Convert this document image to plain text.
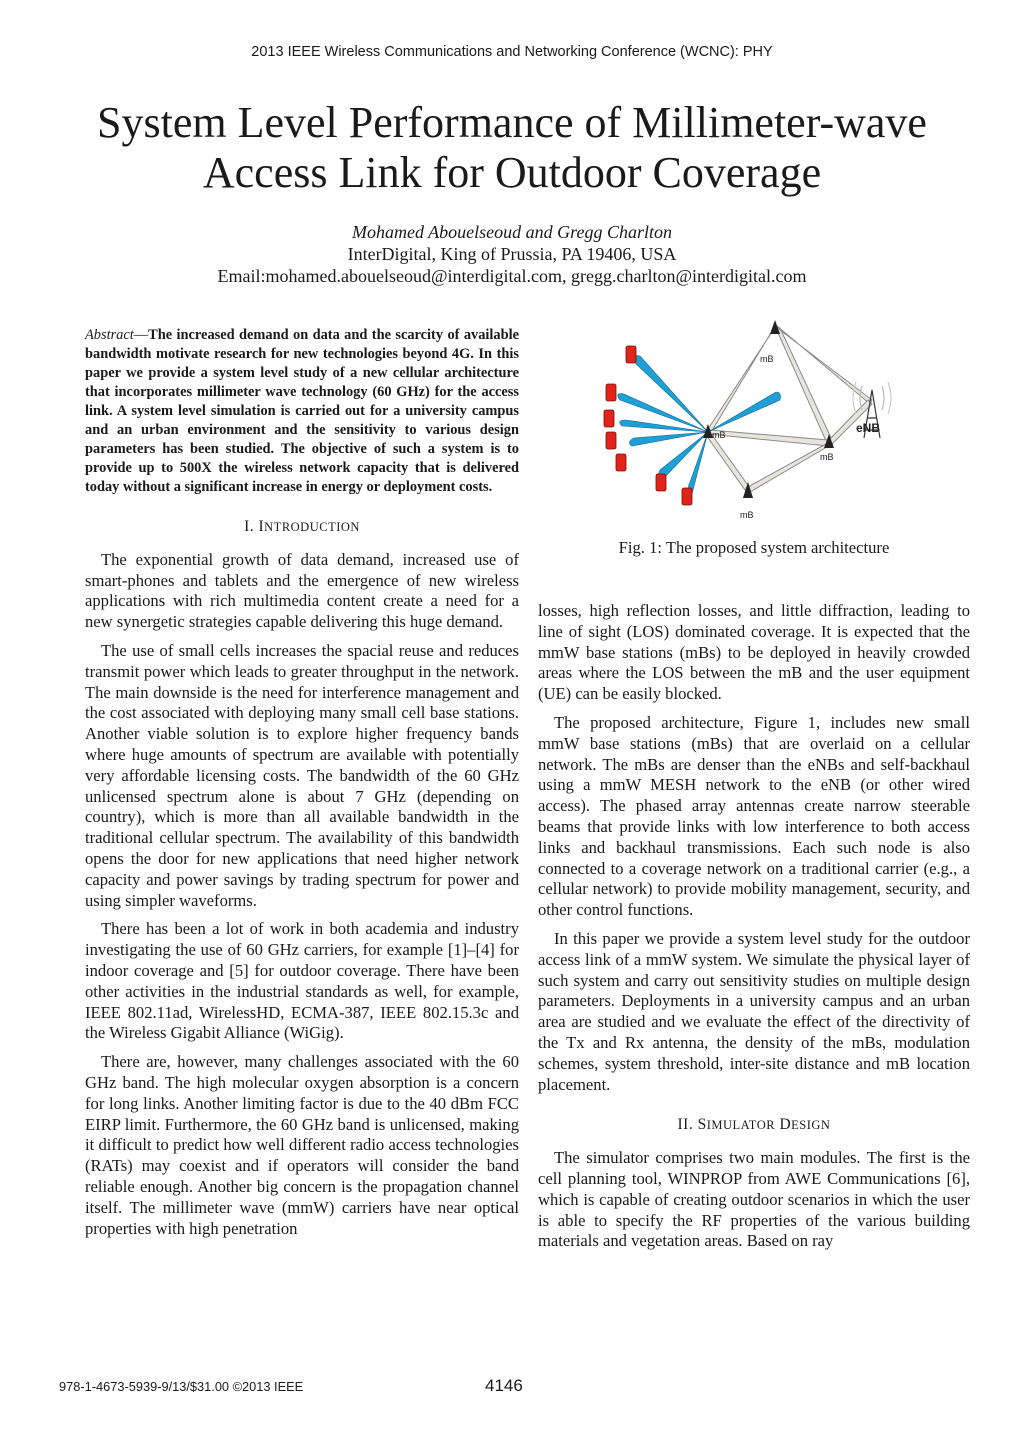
2013 IEEE Wireless Communications and Networking Conference (WCNC): PHY
System Level Performance of Millimeter-wave
Access Link for Outdoor Coverage
Mohamed Abouelseoud and Gregg Charlton
InterDigital, King of Prussia, PA 19406, USA
Email:mohamed.abouelseoud@interdigital.com, gregg.charlton@interdigital.com

Abstract—The increased demand on data and the scarcity of available bandwidth motivate research for new technologies beyond 4G. In this paper we provide a system level study of a new cellular architecture that incorporates millimeter wave technology (60 GHz) for the access link. A system level simulation is carried out for a university campus and an urban environment and the sensitivity to various design parameters has been studied. The objective of such a system is to provide up to 500X the wireless network capacity that is delivered today without a significant increase in energy or deployment costs.

I. INTRODUCTION

The exponential growth of data demand, increased use of smart-phones and tablets and the emergence of new wireless applications with rich multimedia content create a need for a new synergetic strategies capable delivering this huge demand.

The use of small cells increases the spacial reuse and reduces transmit power which leads to greater throughput in the network. The main downside is the need for interference management and the cost associated with deploying many small cell base stations. Another viable solution is to explore higher frequency bands where huge amounts of spectrum are available with potentially very affordable licensing costs. The bandwidth of the 60 GHz unlicensed spectrum alone is about 7 GHz (depending on country), which is more than all available bandwidth in the traditional cellular spectrum. The availability of this bandwidth opens the door for new applications that need higher network capacity and power savings by trading spectrum for power and using simpler waveforms.

There has been a lot of work in both academia and industry investigating the use of 60 GHz carriers, for example [1]–[4] for indoor coverage and [5] for outdoor coverage. There have been other activities in the industrial standards as well, for example, IEEE 802.11ad, WirelessHD, ECMA-387, IEEE 802.15.3c and the Wireless Gigabit Alliance (WiGig).

There are, however, many challenges associated with the 60 GHz band. The high molecular oxygen absorption is a concern for long links. Another limiting factor is due to the 40 dBm FCC EIRP limit. Furthermore, the 60 GHz band is unlicensed, making it difficult to predict how well different radio access technologies (RATs) may coexist and if operators will consider the band reliable enough. Another big concern is the propagation channel itself. The millimeter wave (mmW) carriers have near optical properties with high penetration

mB
mB
mB
mB
eNB
Fig. 1: The proposed system architecture

losses, high reflection losses, and little diffraction, leading to line of sight (LOS) dominated coverage. It is expected that the mmW base stations (mBs) to be deployed in heavily crowded areas where the LOS between the mB and the user equipment (UE) can be easily blocked.

The proposed architecture, Figure 1, includes new small mmW base stations (mBs) that are overlaid on a cellular network. The mBs are denser than the eNBs and self-backhaul using a mmW MESH network to the eNB (or other wired access). The phased array antennas create narrow steerable beams that provide links with low interference to both access links and backhaul transmissions. Each such node is also connected to a coverage network on a traditional carrier (e.g., a cellular network) to provide mobility management, security, and other control functions.

In this paper we provide a system level study for the outdoor access link of a mmW system. We simulate the physical layer of such system and carry out sensitivity studies on multiple design parameters. Deployments in a university campus and an urban area are studied and we evaluate the effect of the directivity of the Tx and Rx antenna, the density of the mBs, modulation schemes, system threshold, inter-site distance and mB location placement.

II. SIMULATOR DESIGN

The simulator comprises two main modules. The first is the cell planning tool, WINPROP from AWE Communications [6], which is capable of creating outdoor scenarios in which the user is able to specify the RF properties of the various building materials and vegetation areas. Based on ray

978-1-4673-5939-9/13/$31.00 ©2013 IEEE	4146
